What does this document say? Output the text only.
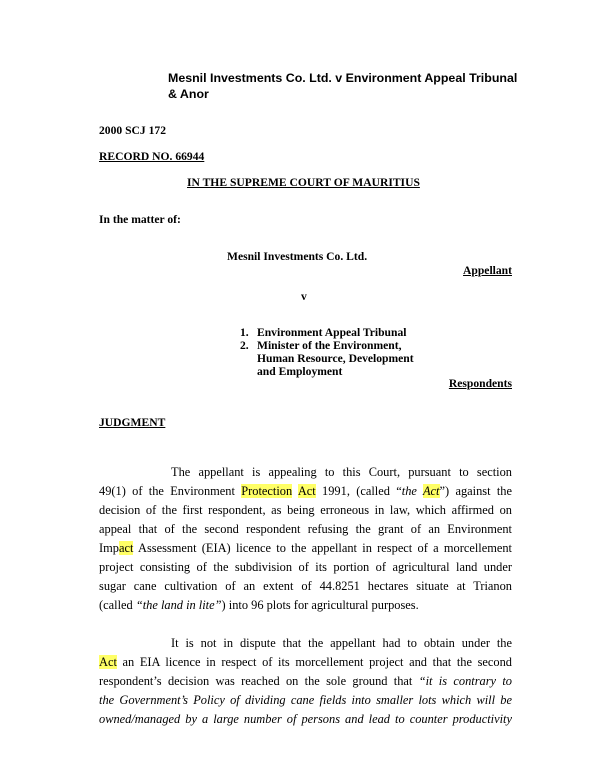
Mesnil Investments Co. Ltd. v Environment Appeal Tribunal
& Anor
2000 SCJ 172
RECORD NO. 66944
IN THE SUPREME COURT OF MAURITIUS
In the matter of:
Mesnil Investments Co. Ltd.
Appellant
v
1. Environment Appeal Tribunal
2. Minister of the Environment,
Human Resource, Development
and Employment
Respondents
JUDGMENT
The appellant is appealing to this Court, pursuant to section
49(1) of the Environment Protection Act 1991, (called “the Act”) against the
decision of the first respondent, as being erroneous in law, which affirmed on
appeal that of the second respondent refusing the grant of an Environment
Impact Assessment (EIA) licence to the appellant in respect of a morcellement
project consisting of the subdivision of its portion of agricultural land under
sugar cane cultivation of an extent of 44.8251 hectares situate at Trianon
(called “the land in lite”) into 96 plots for agricultural purposes.
It is not in dispute that the appellant had to obtain under the
Act an EIA licence in respect of its morcellement project and that the second
respondent’s decision was reached on the sole ground that “it is contrary to
the Government’s Policy of dividing cane fields into smaller lots which will be
owned/managed by a large number of persons and lead to counter productivity
